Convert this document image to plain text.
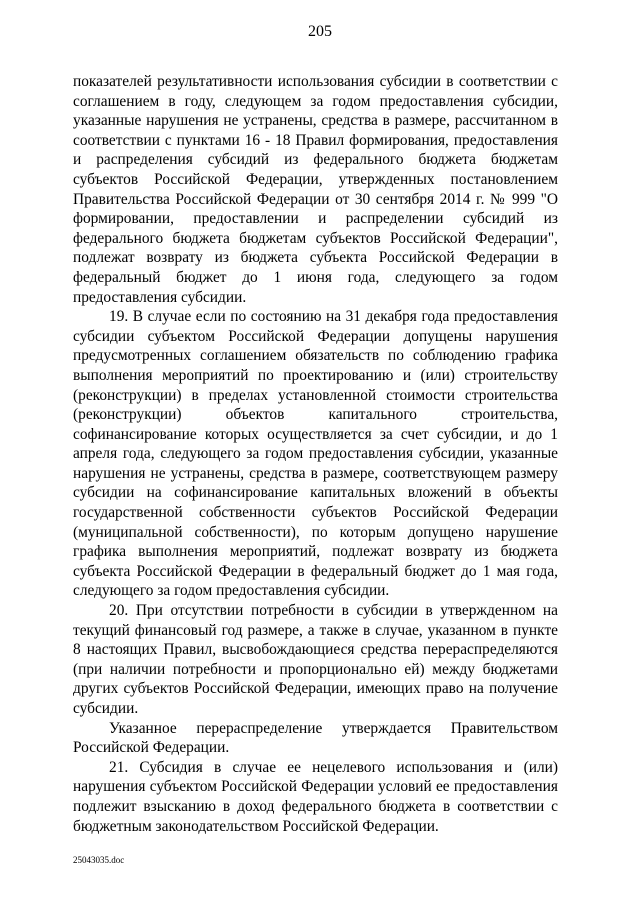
205

показателей результативности использования субсидии в соответствии с соглашением в году, следующем за годом предоставления субсидии, указанные нарушения не устранены, средства в размере, рассчитанном в соответствии с пунктами 16 - 18 Правил формирования, предоставления и распределения субсидий из федерального бюджета бюджетам субъектов Российской Федерации, утвержденных постановлением Правительства Российской Федерации от 30 сентября 2014 г. № 999 "О формировании, предоставлении и распределении субсидий из федерального бюджета бюджетам субъектов Российской Федерации", подлежат возврату из бюджета субъекта Российской Федерации в федеральный бюджет до 1 июня года, следующего за годом предоставления субсидии.

19. В случае если по состоянию на 31 декабря года предоставления субсидии субъектом Российской Федерации допущены нарушения предусмотренных соглашением обязательств по соблюдению графика выполнения мероприятий по проектированию и (или) строительству (реконструкции) в пределах установленной стоимости строительства (реконструкции) объектов капитального строительства, софинансирование которых осуществляется за счет субсидии, и до 1 апреля года, следующего за годом предоставления субсидии, указанные нарушения не устранены, средства в размере, соответствующем размеру субсидии на софинансирование капитальных вложений в объекты государственной собственности субъектов Российской Федерации (муниципальной собственности), по которым допущено нарушение графика выполнения мероприятий, подлежат возврату из бюджета субъекта Российской Федерации в федеральный бюджет до 1 мая года, следующего за годом предоставления субсидии.

20. При отсутствии потребности в субсидии в утвержденном на текущий финансовый год размере, а также в случае, указанном в пункте 8 настоящих Правил, высвобождающиеся средства перераспределяются (при наличии потребности и пропорционально ей) между бюджетами других субъектов Российской Федерации, имеющих право на получение субсидии.

Указанное перераспределение утверждается Правительством Российской Федерации.

21. Субсидия в случае ее нецелевого использования и (или) нарушения субъектом Российской Федерации условий ее предоставления подлежит взысканию в доход федерального бюджета в соответствии с бюджетным законодательством Российской Федерации.

25043035.doc
